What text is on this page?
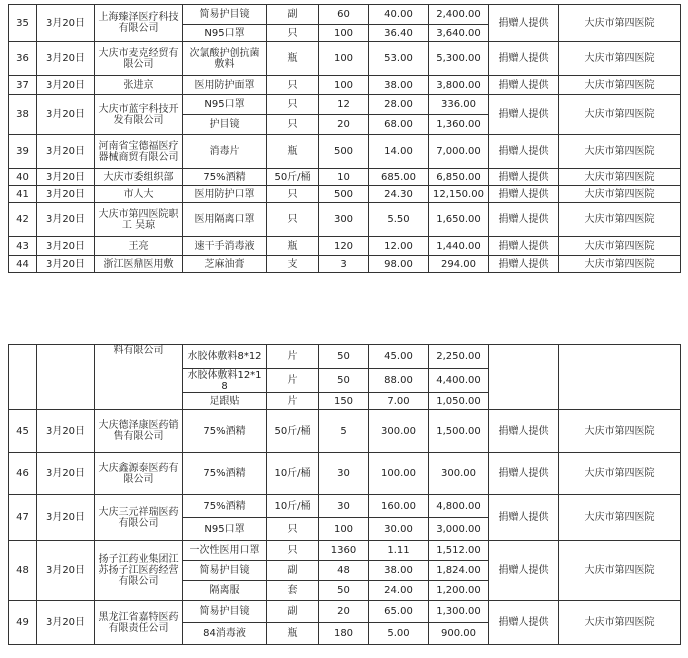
35	3月20日	上海臻泽医疗科技有限公司	简易护目镜	副	60	40.00	2,400.00	捐赠人提供	大庆市第四医院
			N95口罩	只	100	36.40	3,640.00		
36	3月20日	大庆市麦克经贸有限公司	次氯酸护创抗菌敷料	瓶	100	53.00	5,300.00	捐赠人提供	大庆市第四医院
37	3月20日	张进京	医用防护面罩	只	100	38.00	3,800.00	捐赠人提供	大庆市第四医院
38	3月20日	大庆市蓝宇科技开发有限公司	N95口罩	只	12	28.00	336.00	捐赠人提供	大庆市第四医院
			护目镜	只	20	68.00	1,360.00		
39	3月20日	河南省宝德福医疗器械商贸有限公司	消毒片	瓶	500	14.00	7,000.00	捐赠人提供	大庆市第四医院
40	3月20日	大庆市委组织部	75%酒精	50斤/桶	10	685.00	6,850.00	捐赠人提供	大庆市第四医院
41	3月20日	市人大	医用防护口罩	只	500	24.30	12,150.00	捐赠人提供	大庆市第四医院
42	3月20日	大庆市第四医院职工 吴琼	医用隔离口罩	只	300	5.50	1,650.00	捐赠人提供	大庆市第四医院
43	3月20日	王亮	速干手消毒液	瓶	120	12.00	1,440.00	捐赠人提供	大庆市第四医院
44	3月20日	浙江医鼎医用敷	芝麻油膏	支	3	98.00	294.00	捐赠人提供	大庆市第四医院
		料有限公司	水胶体敷料8*12	片	50	45.00	2,250.00		
			水胶体敷料12*18	片	50	88.00	4,400.00		
			足跟贴	片	150	7.00	1,050.00		
45	3月20日	大庆德泽康医药销售有限公司	75%酒精	50斤/桶	5	300.00	1,500.00	捐赠人提供	大庆市第四医院
46	3月20日	大庆鑫源泰医药有限公司	75%酒精	10斤/桶	30	100.00	300.00	捐赠人提供	大庆市第四医院
47	3月20日	大庆三元祥瑞医药有限公司	75%酒精	10斤/桶	30	160.00	4,800.00	捐赠人提供	大庆市第四医院
			N95口罩	只	100	30.00	3,000.00		
48	3月20日	扬子江药业集团江苏扬子江医药经营有限公司	一次性医用口罩	只	1360	1.11	1,512.00	捐赠人提供	大庆市第四医院
			简易护目镜	副	48	38.00	1,824.00		
			隔离服	套	50	24.00	1,200.00		
49	3月20日	黑龙江省嘉特医药有限责任公司	简易护目镜	副	20	65.00	1,300.00	捐赠人提供	大庆市第四医院
			84消毒液	瓶	180	5.00	900.00		
